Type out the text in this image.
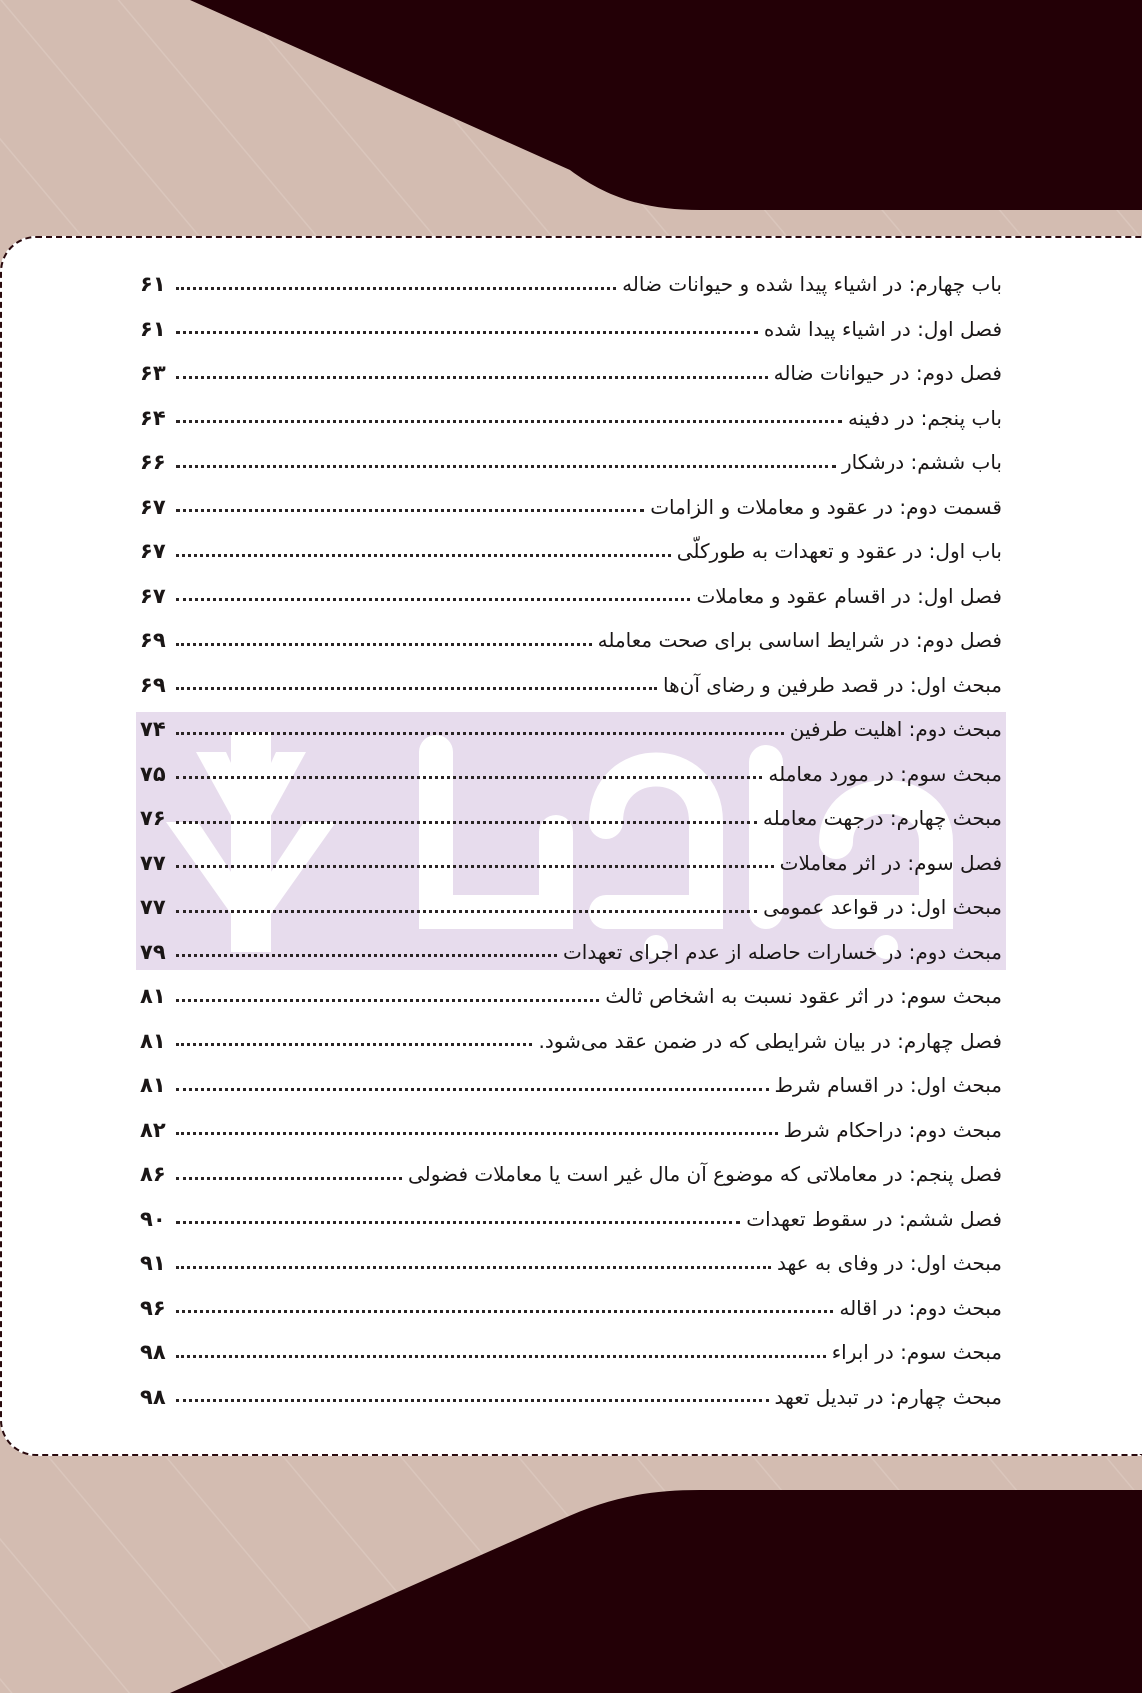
باب چهارم: در اشیاء پیدا شده و حیوانات ضاله
۶۱
فصل اول: در اشیاء پیدا شده
۶۱
فصل دوم: در حیوانات ضاله
۶۳
باب پنجم: در دفینه
۶۴
باب ششم: درشکار
۶۶
قسمت دوم: در عقود و معاملات و الزامات
۶۷
باب اول: در عقود و تعهدات به طورکلّی
۶۷
فصل اول: در اقسام عقود و معاملات
۶۷
فصل دوم: در شرایط اساسی برای صحت معامله
۶۹
مبحث اول: در قصد طرفین و رضای آن‌ها
۶۹
مبحث دوم: اهلیت طرفین
۷۴
مبحث سوم: در مورد معامله
۷۵
مبحث چهارم: درجهت معامله
۷۶
فصل سوم: در اثر معاملات
۷۷
مبحث اول: در قواعد عمومی
۷۷
مبحث دوم: در خسارات حاصله از عدم اجرای تعهدات
۷۹
مبحث سوم: در اثر عقود نسبت به اشخاص ثالث
۸۱
فصل چهارم: در بیان شرایطی که در ضمن عقد می‌شود.
۸۱
مبحث اول: در اقسام شرط
۸۱
مبحث دوم: دراحکام شرط
۸۲
فصل پنجم: در معاملاتی که موضوع آن مال غیر است یا معاملات فضولی
۸۶
فصل ششم: در سقوط تعهدات
۹۰
مبحث اول: در وفای به عهد
۹۱
مبحث دوم: در اقاله
۹۶
مبحث سوم: در ابراء
۹۸
مبحث چهارم: در تبدیل تعهد
۹۸
